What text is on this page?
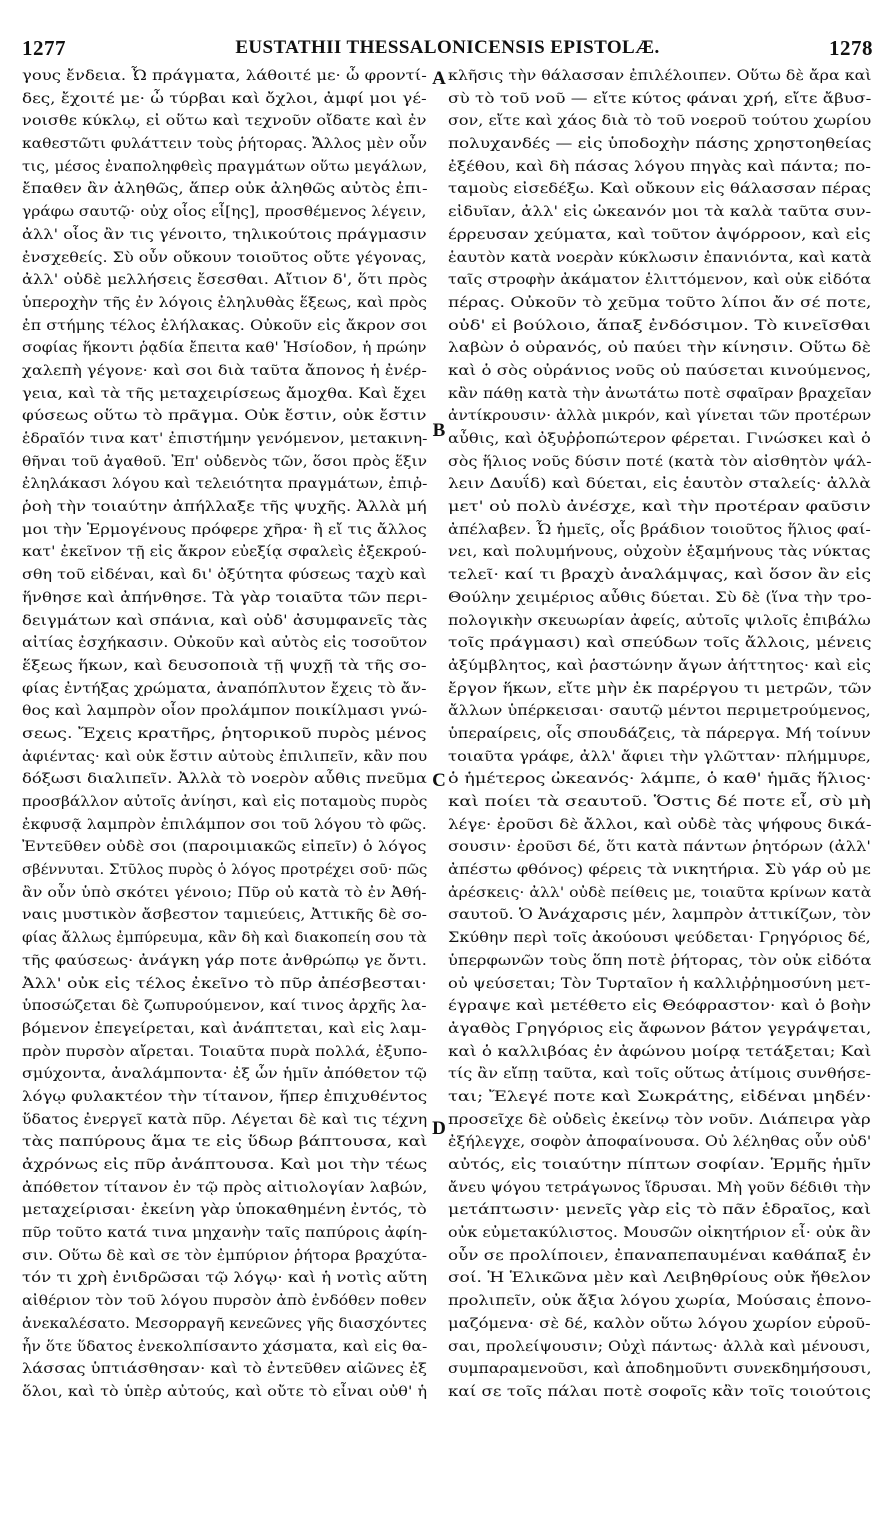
1277	EUSTATHII THESSALONICENSIS EPISTOLÆ.	1278
γους ἔνδεια. Ὦ πράγματα, λάθοιτέ με· ὦ φροντί-
δες, ἔχοιτέ με· ὦ τύρβαι καὶ ὄχλοι, ἀμφί μοι γέ-
νοισθε κύκλῳ, εἰ οὕτω καὶ τεχνοῦν οἴδατε καὶ ἐν
καθεστῶτι φυλάττειν τοὺς ῥήτορας. Ἄλλος μὲν οὖν
τις, μέσος ἐναποληφθεὶς πραγμάτων οὕτω μεγάλων,
ἔπαθεν ἂν ἀληθῶς, ἅπερ οὐκ ἀληθῶς αὐτὸς ἐπι-
γράφω σαυτῷ· οὐχ οἷος εἶ[ης], προσθέμενος λέγειν,
ἀλλ' οἷος ἂν τις γένοιτο, τηλικούτοις πράγμασιν
ἐνσχεθείς. Σὺ οὖν οὔκουν τοιοῦτος οὔτε γέγονας,
ἀλλ' οὐδὲ μελλήσεις ἔσεσθαι. Αἴτιον δ', ὅτι πρὸς
ὑπεροχὴν τῆς ἐν λόγοις ἐληλυθὰς ἕξεως, καὶ πρὸς
ἐπ στήμης τέλος ἐλήλακας. Οὐκοῦν εἰς ἄκρον σοι
σοφίας ἥκοντι ῥᾳδία ἔπειτα καθ' Ἡσίοδον, ἡ πρώην
χαλεπὴ γέγονε· καὶ σοι διὰ ταῦτα ἄπονος ἡ ἐνέρ-
γεια, καὶ τὰ τῆς μεταχειρίσεως ἄμοχθα. Καὶ ἔχει
φύσεως οὕτω τὸ πρᾶγμα. Οὐκ ἔστιν, οὐκ ἔστιν
ἑδραῖόν τινα κατ' ἐπιστήμην γενόμενον, μετακινη-
θῆναι τοῦ ἀγαθοῦ. Ἐπ' οὐδενὸς τῶν, ὅσοι πρὸς ἕξιν
ἐληλάκασι λόγου καὶ τελειότητα πραγμάτων, ἐπιῤ-
ῥοὴ τὴν τοιαύτην ἀπήλλαξε τῆς ψυχῆς. Ἀλλὰ μή
μοι τὴν Ἑρμογένους πρόφερε χῆρα· ἢ εἴ τις ἄλλος
κατ' ἐκεῖνον τῇ εἰς ἄκρον εὐεξίᾳ σφαλεὶς ἐξεκρού-
σθη τοῦ εἰδέναι, καὶ δι' ὀξύτητα φύσεως ταχὺ καὶ
ἥνθησε καὶ ἀπήνθησε. Τὰ γὰρ τοιαῦτα τῶν περι-
δειγμάτων καὶ σπάνια, καὶ οὐδ' ἀσυμφανεῖς τὰς
αἰτίας ἐσχήκασιν. Οὐκοῦν καὶ αὐτὸς εἰς τοσοῦτον
ἕξεως ἥκων, καὶ δευσοποιὰ τῇ ψυχῇ τὰ τῆς σο-
φίας ἐντήξας χρώματα, ἀναπόπλυτον ἔχεις τὸ ἄν-
θος καὶ λαμπρὸν οἷον προλάμπον ποικίλμασι γνώ-
σεως. Ἔχεις κρατῆρς, ῥητορικοῦ πυρὸς μένος
ἀφιέντας· καὶ οὐκ ἔστιν αὐτοὺς ἐπιλιπεῖν, κἂν που
δόξωσι διαλιπεῖν. Ἀλλὰ τὸ νοερὸν αὖθις πνεῦμα
προσβάλλον αὐτοῖς ἀνίησι, καὶ εἰς ποταμοὺς πυρὸς
ἐκφυσᾷ λαμπρὸν ἐπιλάμπον σοι τοῦ λόγου τὸ φῶς.
Ἐντεῦθεν οὐδὲ σοι (παροιμιακῶς εἰπεῖν) ὁ λόγος
σβέννυται. Στῦλος πυρὸς ὁ λόγος προτρέχει σοῦ· πῶς
ἂν οὖν ὑπὸ σκότει γένοιο; Πῦρ οὐ κατὰ τὸ ἐν Ἀθή-
ναις μυστικὸν ἄσβεστον ταμιεύεις, Ἀττικῆς δὲ σο-
φίας ἄλλως ἐμπύρευμα, κἂν δὴ καὶ διακοπείη σου τὰ
τῆς φαύσεως· ἀνάγκη γάρ ποτε ἀνθρώπῳ γε ὄντι.
Ἀλλ' οὐκ εἰς τέλος ἐκεῖνο τὸ πῦρ ἀπέσβεσται·
ὑποσώζεται δὲ ζωπυρούμενον, καί τινος ἀρχῆς λα-
βόμενον ἐπεγείρεται, καὶ ἀνάπτεται, καὶ εἰς λαμ-
πρὸν πυρσὸν αἴρεται. Τοιαῦτα πυρὰ πολλά, ἐξυπο-
σμύχοντα, ἀναλάμποντα· ἐξ ὧν ἡμῖν ἀπόθετον τῷ
λόγῳ φυλακτέον τὴν τίτανον, ἥπερ ἐπιχυθέντος
ὕδατος ἐνεργεῖ κατὰ πῦρ. Λέγεται δὲ καὶ τις τέχνη
τὰς παπύρους ἅμα τε εἰς ὕδωρ βάπτουσα, καὶ
ἀχρόνως εἰς πῦρ ἀνάπτουσα. Καὶ μοι τὴν τέως
ἀπόθετον τίτανον ἐν τῷ πρὸς αἰτιολογίαν λαβών,
μεταχείρισαι· ἐκείνη γὰρ ὑποκαθημένη ἐντός, τὸ
πῦρ τοῦτο κατά τινα μηχανὴν ταῖς παπύροις ἀφίη-
σιν. Οὕτω δὲ καὶ σε τὸν ἐμπύριον ῥήτορα βραχύτα-
τόν τι χρὴ ἐνιδρῶσαι τῷ λόγῳ· καὶ ἡ νοτὶς αὕτη
αἰθέριον τὸν τοῦ λόγου πυρσὸν ἀπὸ ἐνδόθεν ποθεν
ἀνεκαλέσατο. Μεσορραγῆ κενεῶνες γῆς διασχόντες
ἦν ὅτε ὕδατος ἐνεκολπίσαντο χάσματα, καὶ εἰς θα-
λάσσας ὑπτιάσθησαν· καὶ τὸ ἐντεῦθεν αἰῶνες ἐξ
ὅλοι, καὶ τὸ ὑπὲρ αὐτούς, καὶ οὔτε τὸ εἶναι οὐθ' ἡ
A
B
C
D
κλῆσις τὴν θάλασσαν ἐπιλέλοιπεν. Οὕτω δὲ ἄρα καὶ
σὺ τὸ τοῦ νοῦ — εἴτε κύτος φάναι χρή, εἴτε ἄβυσ-
σον, εἴτε καὶ χάος διὰ τὸ τοῦ νοεροῦ τούτου χωρίου
πολυχανδές — εἰς ὑποδοχὴν πάσης χρηστοηθείας
ἐξέθου, καὶ δὴ πάσας λόγου πηγὰς καὶ πάντα; πο-
ταμοὺς εἰσεδέξω. Καὶ οὔκουν εἰς θάλασσαν πέρας
εἰδυῖαν, ἀλλ' εἰς ὠκεανόν μοι τὰ καλὰ ταῦτα συν-
έρρευσαν χεύματα, καὶ τοῦτον ἀψόρροον, καὶ εἰς
ἑαυτὸν κατὰ νοερὰν κύκλωσιν ἐπανιόντα, καὶ κατὰ
ταῖς στροφὴν ἀκάματον ἑλιττόμενον, καὶ οὐκ εἰδότα
πέρας. Οὐκοῦν τὸ χεῦμα τοῦτο λίποι ἄν σέ ποτε,
οὐδ' εἰ βούλοιο, ἅπαξ ἐνδόσιμον. Τὸ κινεῖσθαι
λαβὼν ὁ οὐρανός, οὐ παύει τὴν κίνησιν. Οὕτω δὲ
καὶ ὁ σὸς οὐράνιος νοῦς οὐ παύσεται κινούμενος,
κἂν πάθῃ κατὰ τὴν ἀνωτάτω ποτὲ σφαῖραν βραχεῖαν
ἀντίκρουσιν· ἀλλὰ μικρόν, καὶ γίνεται τῶν προτέρων
αὖθις, καὶ ὀξυῤῥοπώτερον φέρεται. Γινώσκει καὶ ὁ
σὸς ἥλιος νοῦς δύσιν ποτέ (κατὰ τὸν αἰσθητὸν ψάλ-
λειν Δαυΐδ) καὶ δύεται, εἰς ἑαυτὸν σταλείς· ἀλλὰ
μετ' οὐ πολὺ ἀνέσχε, καὶ τὴν προτέραν φαῦσιν
ἀπέλαβεν. Ὦ ἡμεῖς, οἷς βράδιον τοιοῦτος ἥλιος φαί-
νει, καὶ πολυμήνους, οὐχοὺν ἑξαμήνους τὰς νύκτας
τελεῖ· καί τι βραχὺ ἀναλάμψας, καὶ ὅσον ἂν εἰς
Θούλην χειμέριος αὖθις δύεται. Σὺ δὲ (ἵνα τὴν τρο-
πολογικὴν σκευωρίαν ἀφείς, αὐτοῖς ψιλοῖς ἐπιβάλω
τοῖς πράγμασι) καὶ σπεύδων τοῖς ἄλλοις, μένεις
ἀξύμβλητος, καὶ ῥαστώνην ἄγων ἀήττητος· καὶ εἰς
ἔργον ἥκων, εἴτε μὴν ἐκ παρέργου τι μετρῶν, τῶν
ἄλλων ὑπέρκεισαι· σαυτῷ μέντοι περιμετρούμενος,
ὑπεραίρεις, οἷς σπουδάζεις, τὰ πάρεργα. Μή τοίνυν
τοιαῦτα γράφε, ἀλλ' ἄφιει τὴν γλῶτταν· πλήμμυρε,
ὁ ἡμέτερος ὠκεανός· λάμπε, ὁ καθ' ἡμᾶς ἥλιος·
καὶ ποίει τὰ σεαυτοῦ. Ὅστις δέ ποτε εἶ, σὺ μὴ
λέγε· ἐροῦσι δὲ ἄλλοι, καὶ οὐδὲ τὰς ψήφους δικά-
σουσιν· ἐροῦσι δέ, ὅτι κατὰ πάντων ῥητόρων (ἀλλ'
ἀπέστω φθόνος) φέρεις τὰ νικητήρια. Σὺ γάρ οὐ με
ἀρέσκεις· ἀλλ' οὐδὲ πείθεις με, τοιαῦτα κρίνων κατὰ
σαυτοῦ. Ὁ Ἀνάχαρσις μέν, λαμπρὸν ἀττικίζων, τὸν
Σκύθην περὶ τοῖς ἀκούουσι ψεύδεται· Γρηγόριος δέ,
ὑπερφωνῶν τοὺς ὅπη ποτὲ ῥήτορας, τὸν οὐκ εἰδότα
οὐ ψεύσεται; Τὸν Τυρταῖον ἡ καλλιῤῥημοσύνη μετ-
έγραψε καὶ μετέθετο εἰς Θεόφραστον· καὶ ὁ βοὴν
ἀγαθὸς Γρηγόριος εἰς ἄφωνον βάτον γεγράψεται,
καὶ ὁ καλλιβόας ἐν ἀφώνου μοίρᾳ τετάξεται; Καὶ
τίς ἂν εἴπῃ ταῦτα, καὶ τοῖς οὕτως ἀτίμοις συνθήσε-
ται; Ἔλεγέ ποτε καὶ Σωκράτης, εἰδέναι μηδέν·
προσεῖχε δὲ οὐδεὶς ἐκείνῳ τὸν νοῦν. Διάπειρα γὰρ
ἐξήλεγχε, σοφὸν ἀποφαίνουσα. Οὐ λέληθας οὖν οὐδ'
αὐτός, εἰς τοιαύτην πίπτων σοφίαν. Ἑρμῆς ἡμῖν
ἄνευ ψόγου τετράγωνος ἵδρυσαι. Μὴ γοῦν δέδιθι τὴν
μετάπτωσιν· μενεῖς γὰρ εἰς τὸ πᾶν ἑδραῖος, καὶ
οὐκ εὐμετακύλιστος. Μουσῶν οἰκητήριον εἶ· οὐκ ἂν
οὖν σε προλίποιεν, ἐπαναπεπαυμέναι καθάπαξ ἐν
σοί. Ἡ Ἑλικῶνα μὲν καὶ Λειβηθρίους οὐκ ἤθελον
προλιπεῖν, οὐκ ἄξια λόγου χωρία, Μούσαις ἐπονο-
μαζόμενα· σὲ δέ, καλὸν οὕτω λόγου χωρίον εὑροῦ-
σαι, προλείψουσιν; Οὐχὶ πάντως· ἀλλὰ καὶ μένουσι,
συμπαραμενοῦσι, καὶ ἀποδημοῦντι συνεκδημήσουσι,
καί σε τοῖς πάλαι ποτὲ σοφοῖς κἂν τοῖς τοιούτοις
